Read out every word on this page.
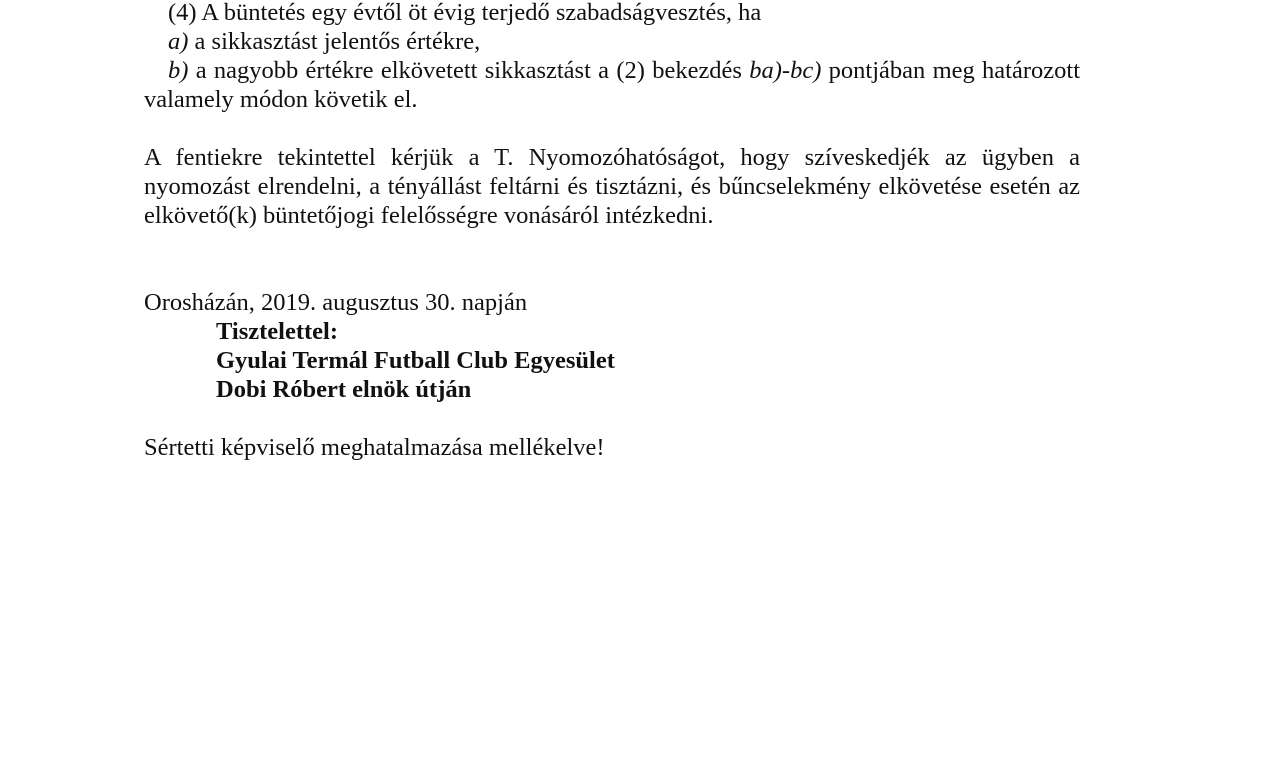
(4) A büntetés egy évtől öt évig terjedő szabadságvesztés, ha

a) a sikkasztást jelentős értékre,

b) a nagyobb értékre elkövetett sikkasztást a (2) bekezdés ba)-bc) pontjában meg határozott valamely módon követik el.

A fentiekre tekintettel kérjük a T. Nyomozóhatóságot, hogy szíveskedjék az ügyben a nyomozást elrendelni, a tényállást feltárni és tisztázni, és bűncselekmény elkövetése esetén az elkövető(k) büntetőjogi felelősségre vonásáról intézkedni.

Orosházán, 2019. augusztus 30. napján

Tisztelettel:

Gyulai Termál Futball Club Egyesület

Dobi Róbert elnök útján

Sértetti képviselő meghatalmazása mellékelve!
